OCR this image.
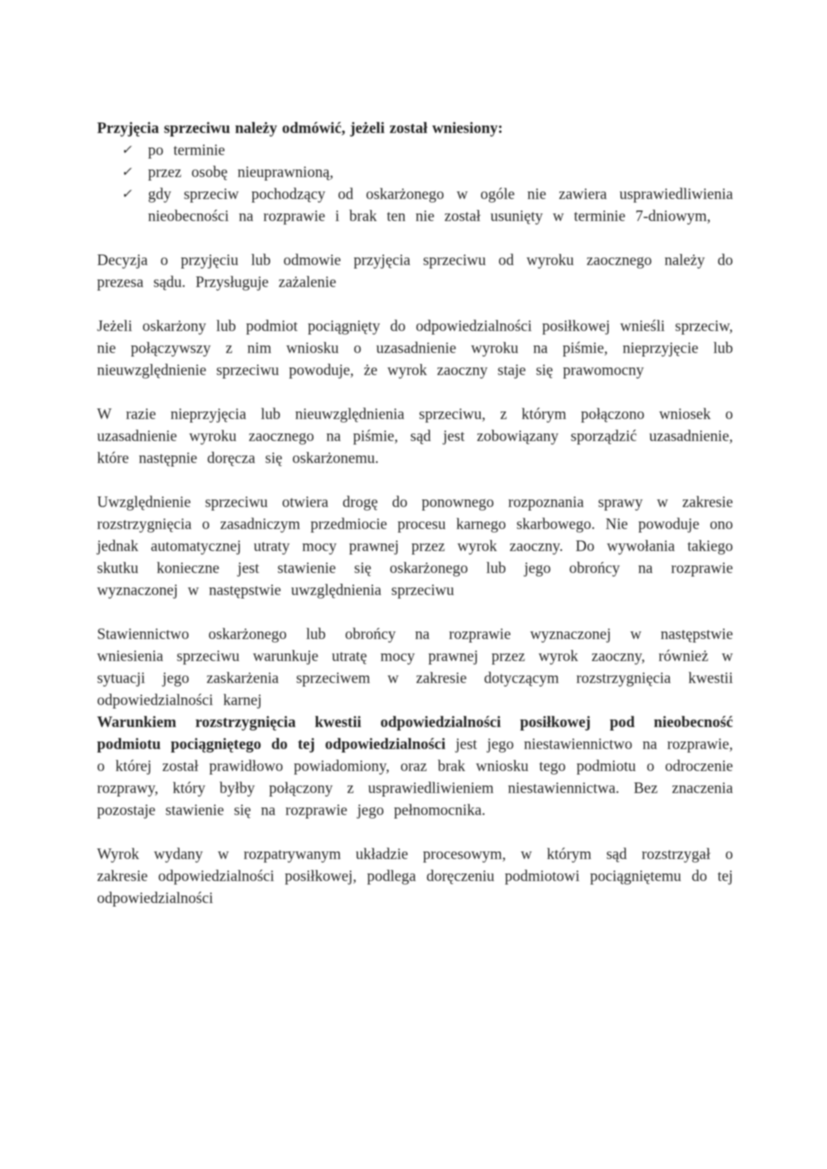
Przyjęcia sprzeciwu należy odmówić, jeżeli został wniesiony:

✓ po terminie
✓ przez osobę nieuprawnioną,
✓ gdy sprzeciw pochodzący od oskarżonego w ogóle nie zawiera usprawiedliwienia nieobecności na rozprawie i brak ten nie został usunięty w terminie 7-dniowym,

Decyzja o przyjęciu lub odmowie przyjęcia sprzeciwu od wyroku zaocznego należy do prezesa sądu. Przysługuje zażalenie

Jeżeli oskarżony lub podmiot pociągnięty do odpowiedzialności posiłkowej wnieśli sprzeciw, nie połączywszy z nim wniosku o uzasadnienie wyroku na piśmie, nieprzyjęcie lub nieuwzględnienie sprzeciwu powoduje, że wyrok zaoczny staje się prawomocny

W razie nieprzyjęcia lub nieuwzględnienia sprzeciwu, z którym połączono wniosek o uzasadnienie wyroku zaocznego na piśmie, sąd jest zobowiązany sporządzić uzasadnienie, które następnie doręcza się oskarżonemu.

Uwzględnienie sprzeciwu otwiera drogę do ponownego rozpoznania sprawy w zakresie rozstrzygnięcia o zasadniczym przedmiocie procesu karnego skarbowego. Nie powoduje ono jednak automatycznej utraty mocy prawnej przez wyrok zaoczny. Do wywołania takiego skutku konieczne jest stawienie się oskarżonego lub jego obrońcy na rozprawie wyznaczonej w następstwie uwzględnienia sprzeciwu

Stawiennictwo oskarżonego lub obrońcy na rozprawie wyznaczonej w następstwie wniesienia sprzeciwu warunkuje utratę mocy prawnej przez wyrok zaoczny, również w sytuacji jego zaskarżenia sprzeciwem w zakresie dotyczącym rozstrzygnięcia kwestii odpowiedzialności karnej

Warunkiem rozstrzygnięcia kwestii odpowiedzialności posiłkowej pod nieobecność podmiotu pociągniętego do tej odpowiedzialności jest jego niestawiennictwo na rozprawie, o której został prawidłowo powiadomiony, oraz brak wniosku tego podmiotu o odroczenie rozprawy, który byłby połączony z usprawiedliwieniem niestawiennictwa. Bez znaczenia pozostaje stawienie się na rozprawie jego pełnomocnika.

Wyrok wydany w rozpatrywanym układzie procesowym, w którym sąd rozstrzygał o zakresie odpowiedzialności posiłkowej, podlega doręczeniu podmiotowi pociągniętemu do tej odpowiedzialności
